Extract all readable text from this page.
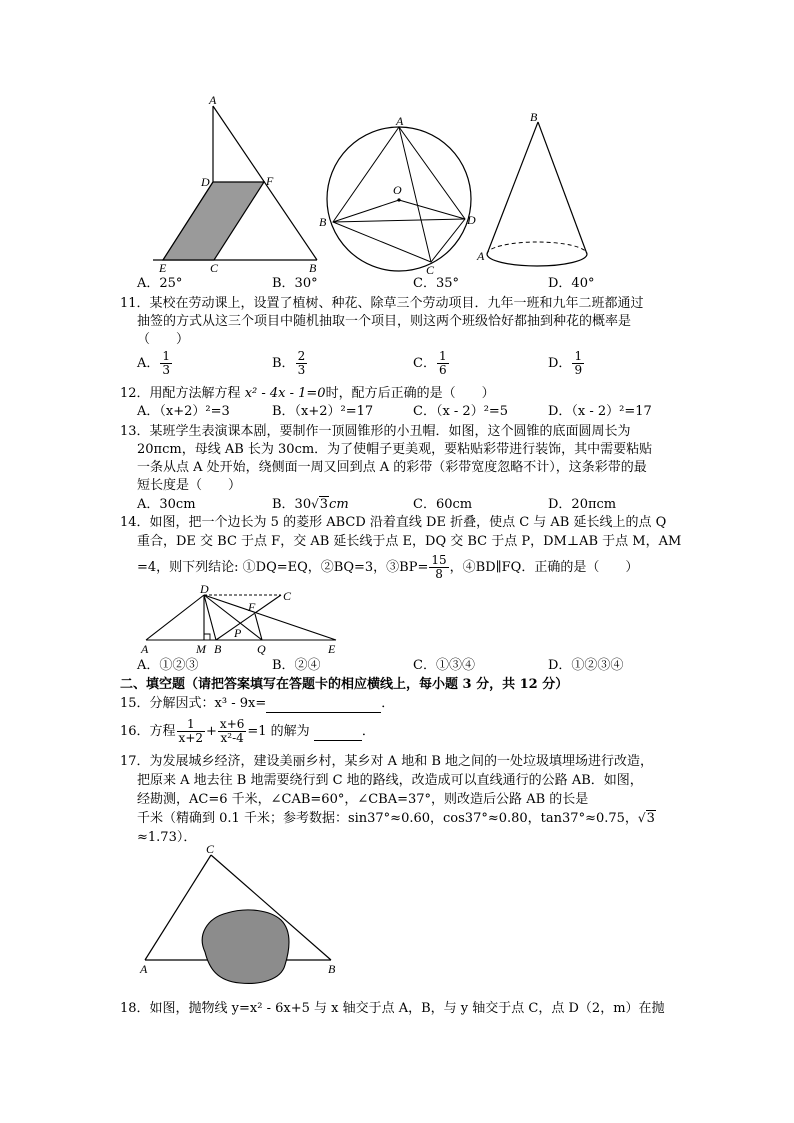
A
D	F
E	C	B
A
O
B	D
C
B
A
A．25°	B．30°	C．35°	D．40°
11．某校在劳动课上，设置了植树、种花、除草三个劳动项目．九年一班和九年二班都通过
抽签的方式从这三个项目中随机抽取一个项目，则这两个班级恰好都抽到种花的概率是
（　　）
A． $\frac{1}{3}$	B． $\frac{2}{3}$	C． $\frac{1}{6}$	D． $\frac{1}{9}$
12．用配方法解方程 x² - 4x - 1=0时，配方后正确的是（　　）
A．（x+2）²=3	B．（x+2）²=17	C．（x - 2）²=5	D．（x - 2）²=17
13．某班学生表演课本剧，要制作一顶圆锥形的小丑帽．如图，这个圆锥的底面圆周长为
20πcm，母线 AB 长为 30cm．为了使帽子更美观，要粘贴彩带进行装饰，其中需要粘贴
一条从点 A 处开始，绕侧面一周又回到点 A 的彩带（彩带宽度忽略不计），这条彩带的最
短长度是（　　）
A．30cm	B．30√3cm	C．60cm	D．20πcm
14．如图，把一个边长为 5 的菱形 ABCD 沿着直线 DE 折叠，使点 C 与 AB 延长线上的点 Q
重合，DE 交 BC 于点 F，交 AB 延长线于点 E，DQ 交 BC 于点 P，DM⊥AB 于点 M，AM
=4，则下列结论: ①DQ=EQ，②BQ=3，③BP= $\frac{15}{8}$ ，④BD∥FQ．正确的是（　　）
D	C
F
P
A	M B	Q	E
A．①②③	B．②④	C．①③④	D．①②③④
二、填空题（请把答案填写在答题卡的相应横线上，每小题 3 分，共 12 分）
15．分解因式：x³ - 9x=	．
16．方程 $\frac{1}{x+2} + \frac{x+6}{\text{x²-4}} =1$ 的解为	．
17．为发展城乡经济，建设美丽乡村，某乡对 A 地和 B 地之间的一处垃圾填埋场进行改造，
把原来 A 地去往 B 地需要绕行到 C 地的路线，改造成可以直线通行的公路 AB．如图，
经勘测，AC=6 千米，∠CAB=60°，∠CBA=37°，则改造后公路 AB 的长是
千米（精确到 0.1 千米；参考数据：sin37°≈0.60，cos37°≈0.80，tan37°≈0.75，√3
≈1.73）．
C
A	B
18．如图，抛物线 y=x² - 6x+5 与 x 轴交于点 A，B，与 y 轴交于点 C，点 D（2，m）在抛
